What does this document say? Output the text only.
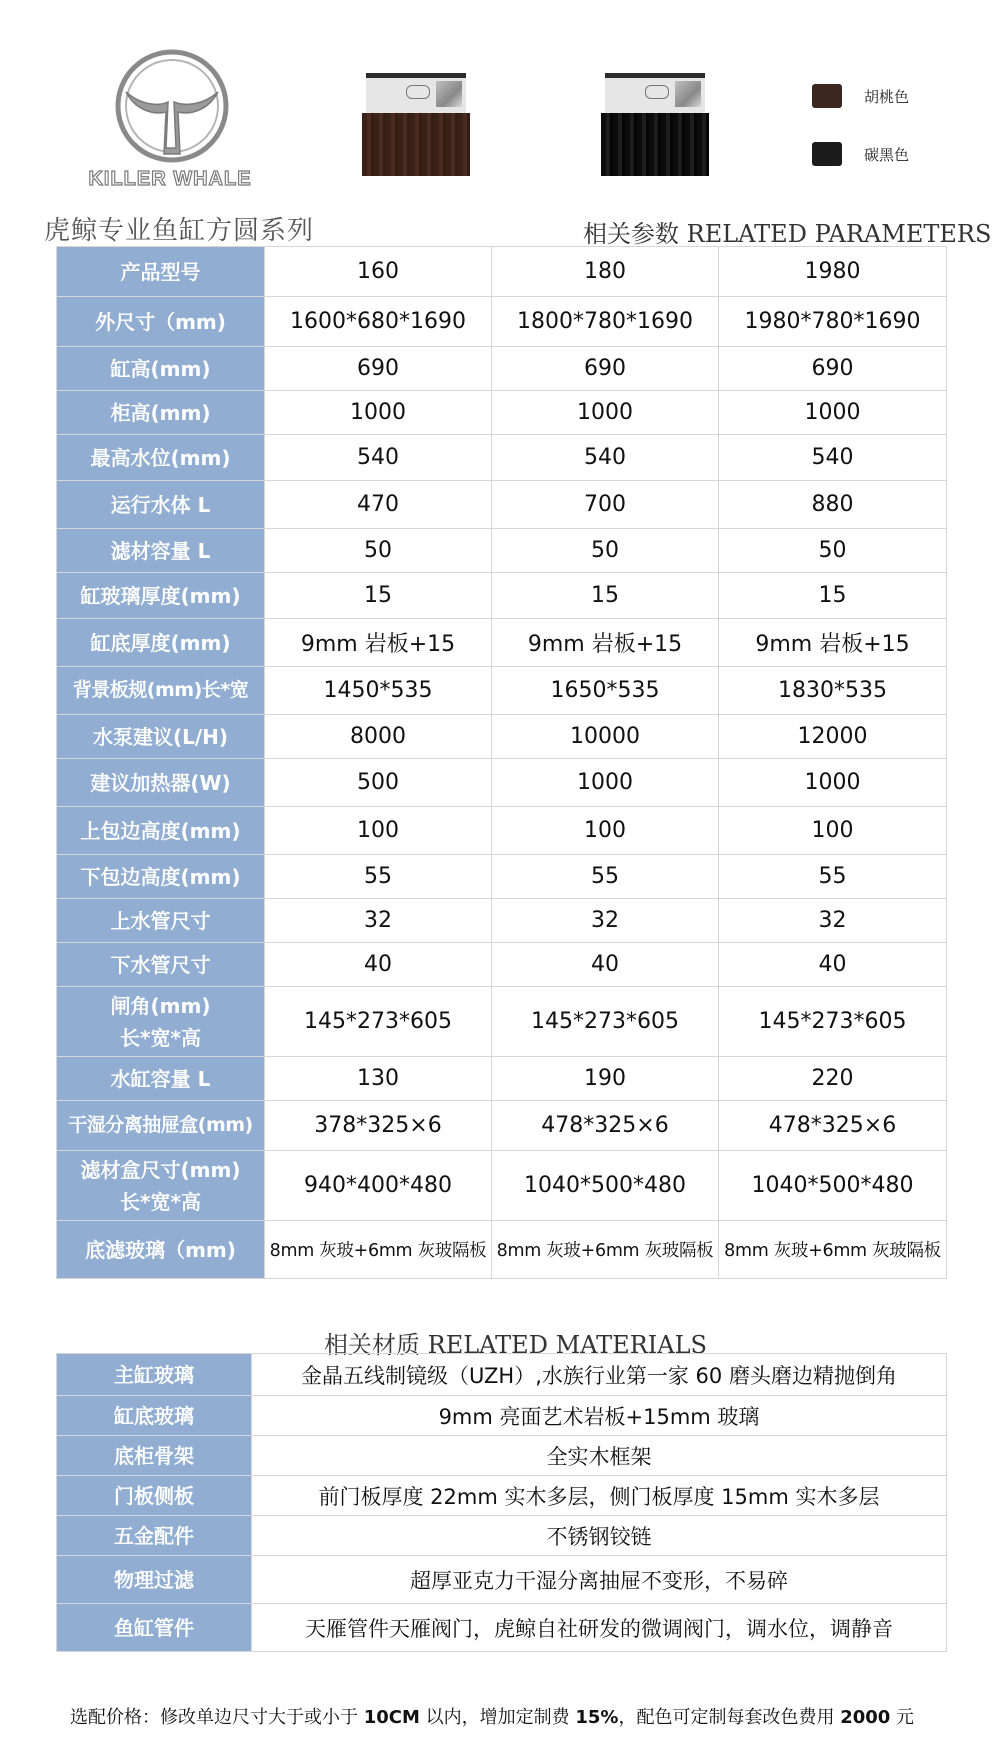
KILLER WHALE
胡桃色
碳黑色
虎鲸专业鱼缸方圆系列	相关参数 RELATED PARAMETERS
产品型号	160	180	1980

外尺寸（mm)	1600*680*1690	1800*780*1690	1980*780*1690

缸高(mm)	690	690	690

柜高(mm)	1000	1000	1000

最高水位(mm)	540	540	540

运行水体 L	470	700	880

滤材容量 L	50	50	50

缸玻璃厚度(mm)	15	15	15

缸底厚度(mm)	9mm 岩板+15	9mm 岩板+15	9mm 岩板+15

背景板规(mm)长*宽	1450*535	1650*535	1830*535

水泵建议(L/H)	8000	10000	12000

建议加热器(W)	500	1000	1000

上包边高度(mm)	100	100	100

下包边高度(mm)	55	55	55

上水管尺寸	32	32	32

下水管尺寸	40	40	40

闸角(mm)
长*宽*高	145*273*605	145*273*605	145*273*605

水缸容量 L	130	190	220

干湿分离抽屉盒(mm)	378*325×6	478*325×6	478*325×6

滤材盒尺寸(mm)
长*宽*高	940*400*480	1040*500*480	1040*500*480

底滤玻璃（mm)	8mm 灰玻+6mm 灰玻隔板	8mm 灰玻+6mm 灰玻隔板	8mm 灰玻+6mm 灰玻隔板
相关材质 RELATED MATERIALS
主缸玻璃	金晶五线制镜级（UZH）,水族行业第一家 60 磨头磨边精抛倒角
缸底玻璃	9mm 亮面艺术岩板+15mm 玻璃
底柜骨架	全实木框架
门板侧板	前门板厚度 22mm 实木多层，侧门板厚度 15mm 实木多层
五金配件	不锈钢铰链
物理过滤	超厚亚克力干湿分离抽屉不变形，不易碎
鱼缸管件	天雁管件天雁阀门，虎鲸自社研发的微调阀门，调水位，调静音
选配价格：修改单边尺寸大于或小于 10CM 以内，增加定制费 15%，配色可定制每套改色费用 2000 元
